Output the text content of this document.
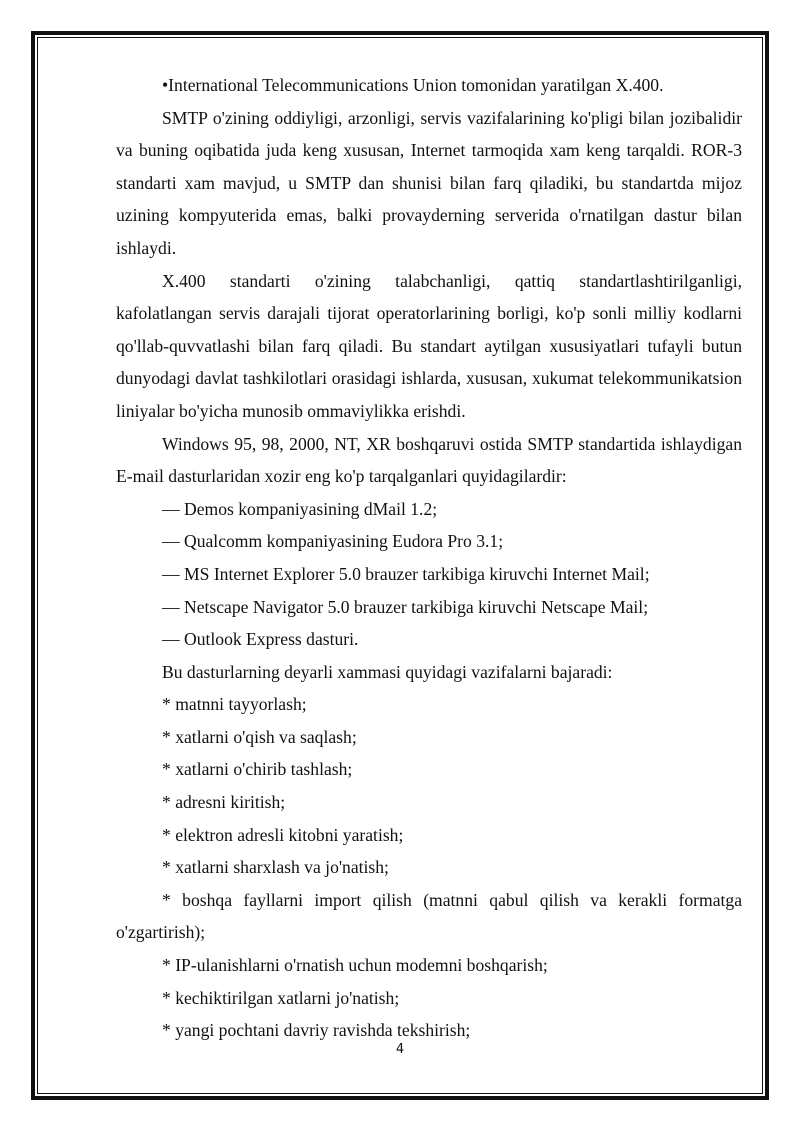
•International Telecommunications Union tomonidan yaratilgan X.400.

SMTP o'zining oddiyligi, arzonligi, servis vazifalarining ko'pligi bilan jozibalidir va buning oqibatida juda keng xususan, Internet tarmoqida xam keng tarqaldi. ROR-3 standarti xam mavjud, u SMTP dan shunisi bilan farq qiladiki, bu standartda mijoz uzining kompyuterida emas, balki provayderning serverida o'rnatilgan dastur bilan ishlaydi.

X.400 standarti o'zining talabchanligi, qattiq standartlashtirilganligi, kafolatlangan servis darajali tijorat operatorlarining borligi, ko'p sonli milliy kodlarni qo'llab-quvvatlashi bilan farq qiladi. Bu standart aytilgan xususiyatlari tufayli butun dunyodagi davlat tashkilotlari orasidagi ishlarda, xususan, xukumat telekommunikatsion liniyalar bo'yicha munosib ommaviylikka erishdi.

Windows 95, 98, 2000, NT, XR boshqaruvi ostida SMTP standartida ishlaydigan E-mail dasturlaridan xozir eng ko'p tarqalganlari quyidagilardir:

— Demos kompaniyasining dMail 1.2;

— Qualcomm kompaniyasining Eudora Pro 3.1;

— MS Internet Explorer 5.0 brauzer tarkibiga kiruvchi Internet Mail;

— Netscape Navigator 5.0 brauzer tarkibiga kiruvchi Netscape Mail;

— Outlook Express dasturi.

Bu dasturlarning deyarli xammasi quyidagi vazifalarni bajaradi:

* matnni tayyorlash;

* xatlarni o'qish va saqlash;

* xatlarni o'chirib tashlash;

* adresni kiritish;

* elektron adresli kitobni yaratish;

* xatlarni sharxlash va jo'natish;

* boshqa fayllarni import qilish (matnni qabul qilish va kerakli formatga o'zgartirish);

* IP-ulanishlarni o'rnatish uchun modemni boshqarish;

* kechiktirilgan xatlarni jo'natish;

* yangi pochtani davriy ravishda tekshirish;

4
